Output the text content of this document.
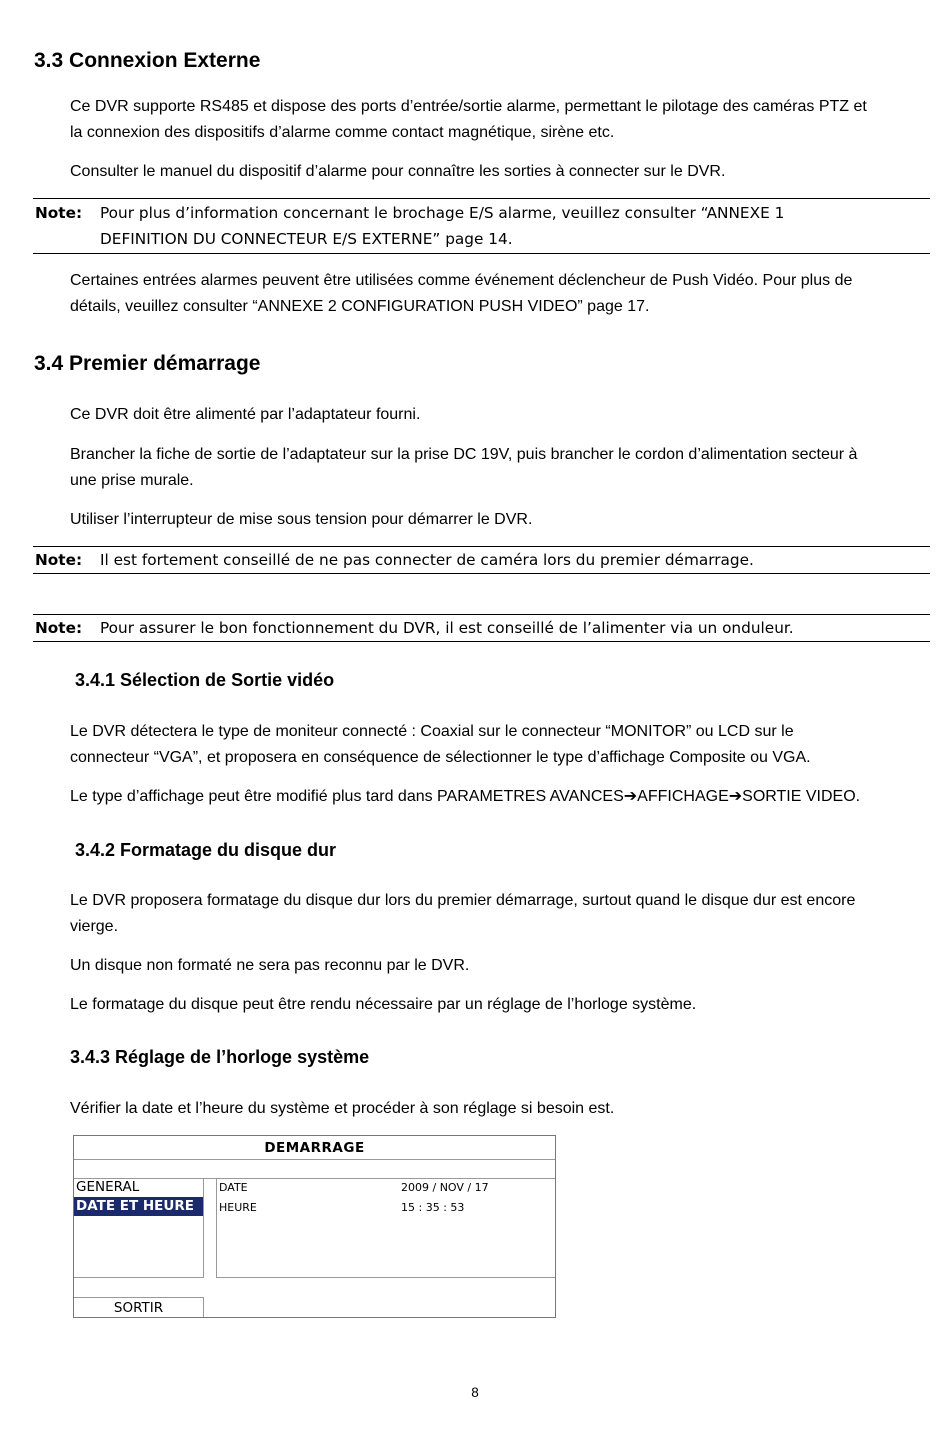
3.3 Connexion Externe
Ce DVR supporte RS485 et dispose des ports d’entrée/sortie alarme, permettant le pilotage des caméras PTZ et
la connexion des dispositifs d’alarme comme contact magnétique, sirène etc.
Consulter le manuel du dispositif d’alarme pour connaître les sorties à connecter sur le DVR.
Note: Pour plus d’information concernant le brochage E/S alarme, veuillez consulter “ANNEXE 1
DEFINITION DU CONNECTEUR E/S EXTERNE” page 14.
Certaines entrées alarmes peuvent être utilisées comme événement déclencheur de Push Vidéo. Pour plus de
détails, veuillez consulter “ANNEXE 2 CONFIGURATION PUSH VIDEO” page 17.
3.4 Premier démarrage
Ce DVR doit être alimenté par l’adaptateur fourni.
Brancher la fiche de sortie de l’adaptateur sur la prise DC 19V, puis brancher le cordon d’alimentation secteur à
une prise murale.
Utiliser l’interrupteur de mise sous tension pour démarrer le DVR.
Note: Il est fortement conseillé de ne pas connecter de caméra lors du premier démarrage.
Note: Pour assurer le bon fonctionnement du DVR, il est conseillé de l’alimenter via un onduleur.
3.4.1 Sélection de Sortie vidéo
Le DVR détectera le type de moniteur connecté : Coaxial sur le connecteur “MONITOR” ou LCD sur le
connecteur “VGA”, et proposera en conséquence de sélectionner le type d’affichage Composite ou VGA.
Le type d’affichage peut être modifié plus tard dans PARAMETRES AVANCES➔AFFICHAGE➔SORTIE VIDEO.
3.4.2 Formatage du disque dur
Le DVR proposera formatage du disque dur lors du premier démarrage, surtout quand le disque dur est encore
vierge.
Un disque non formaté ne sera pas reconnu par le DVR.
Le formatage du disque peut être rendu nécessaire par un réglage de l’horloge système.
3.4.3 Réglage de l’horloge système
Vérifier la date et l’heure du système et procéder à son réglage si besoin est.
DEMARRAGE
GENERAL
DATE ET HEURE
DATE	2009 / NOV / 17
HEURE	15 : 35 : 53
SORTIR
8
